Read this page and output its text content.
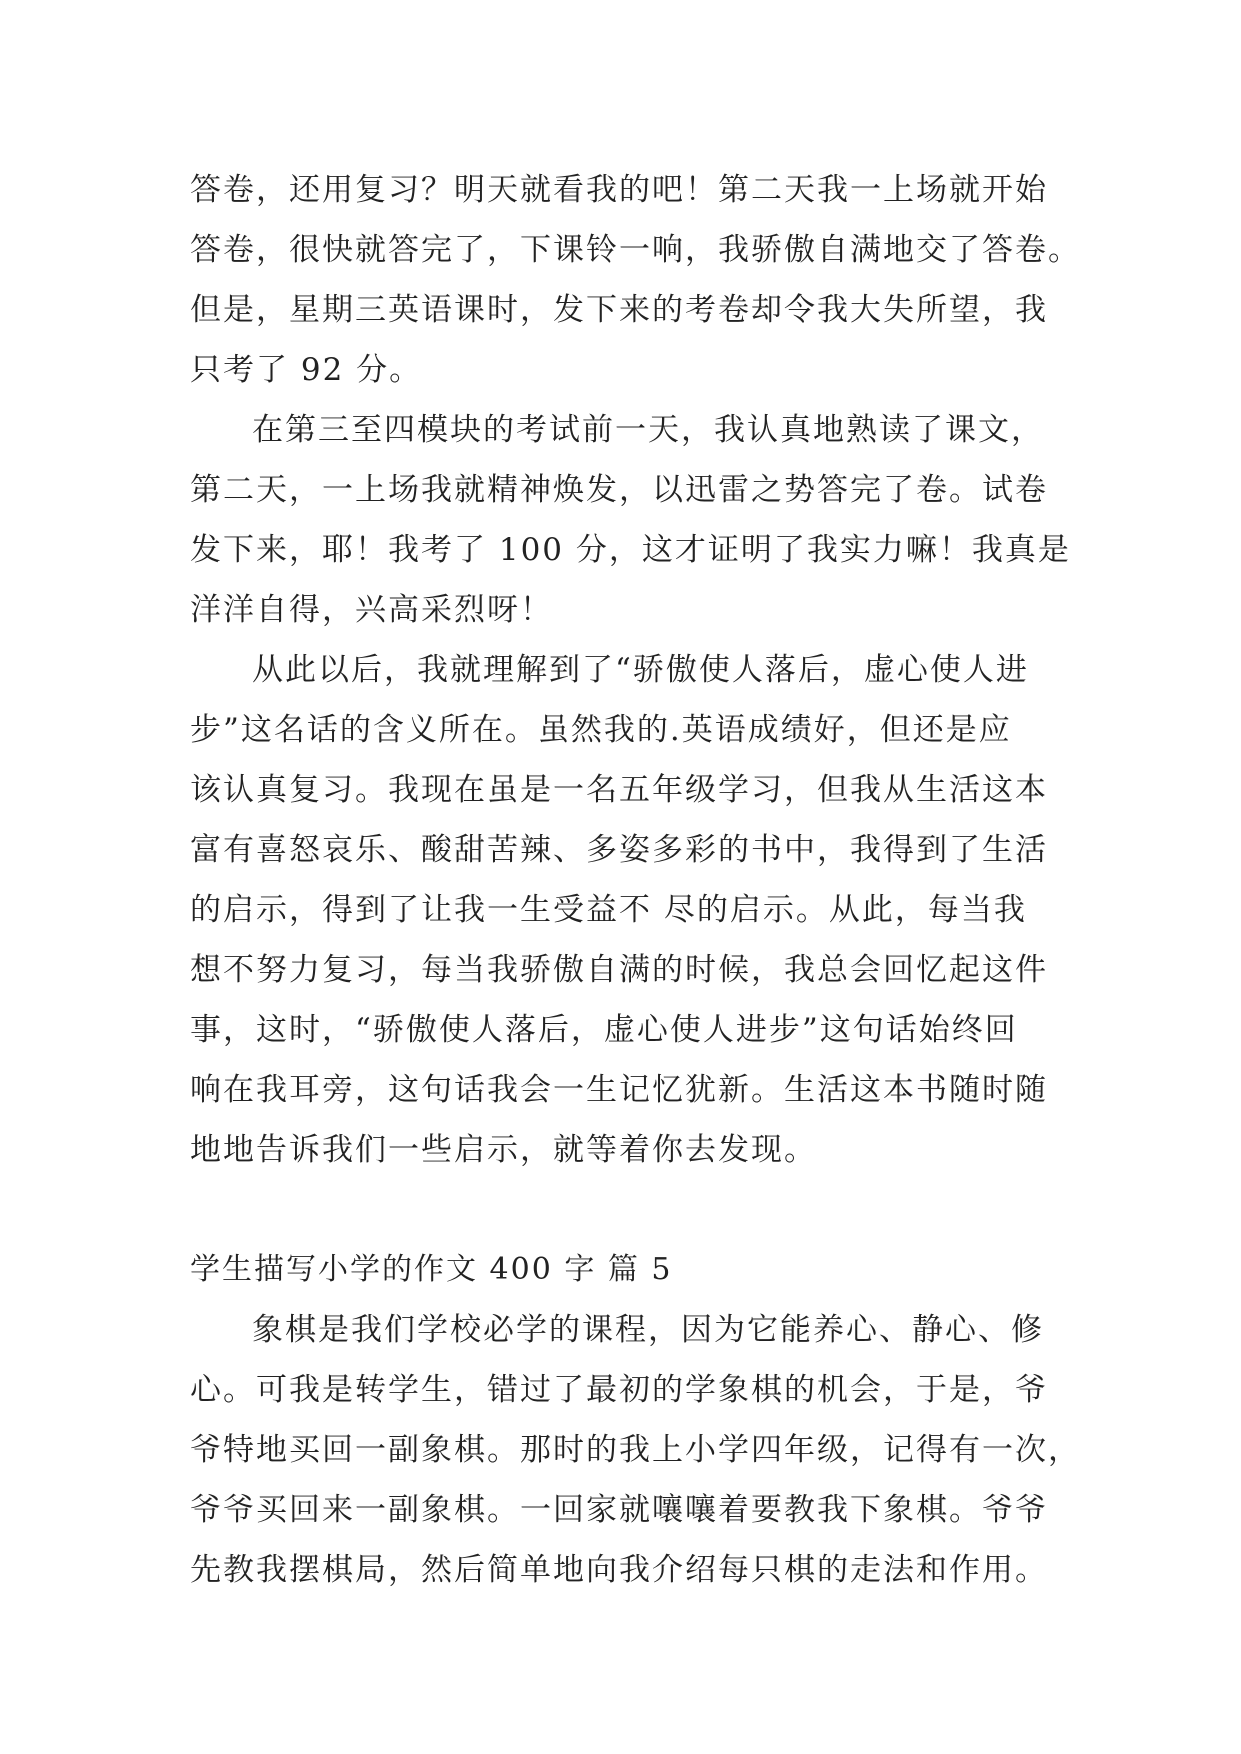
答卷，还用复习？明天就看我的吧！第二天我一上场就开始
答卷，很快就答完了，下课铃一响，我骄傲自满地交了答卷。
但是，星期三英语课时，发下来的考卷却令我大失所望，我
只考了 92 分。
在第三至四模块的考试前一天，我认真地熟读了课文，
第二天，一上场我就精神焕发，以迅雷之势答完了卷。试卷
发下来，耶！我考了 100 分，这才证明了我实力嘛！我真是
洋洋自得，兴高采烈呀！
从此以后，我就理解到了“骄傲使人落后，虚心使人进
步”这名话的含义所在。虽然我的.英语成绩好，但还是应
该认真复习。我现在虽是一名五年级学习，但我从生活这本
富有喜怒哀乐、酸甜苦辣、多姿多彩的书中，我得到了生活
的启示，得到了让我一生受益不 尽的启示。从此，每当我
想不努力复习，每当我骄傲自满的时候，我总会回忆起这件
事，这时，“骄傲使人落后，虚心使人进步”这句话始终回
响在我耳旁，这句话我会一生记忆犹新。生活这本书随时随
地地告诉我们一些启示，就等着你去发现。
学生描写小学的作文 400 字 篇 5
象棋是我们学校必学的课程，因为它能养心、静心、修
心。可我是转学生，错过了最初的学象棋的机会，于是，爷
爷特地买回一副象棋。那时的我上小学四年级，记得有一次，
爷爷买回来一副象棋。一回家就嚷嚷着要教我下象棋。爷爷
先教我摆棋局，然后简单地向我介绍每只棋的走法和作用。
